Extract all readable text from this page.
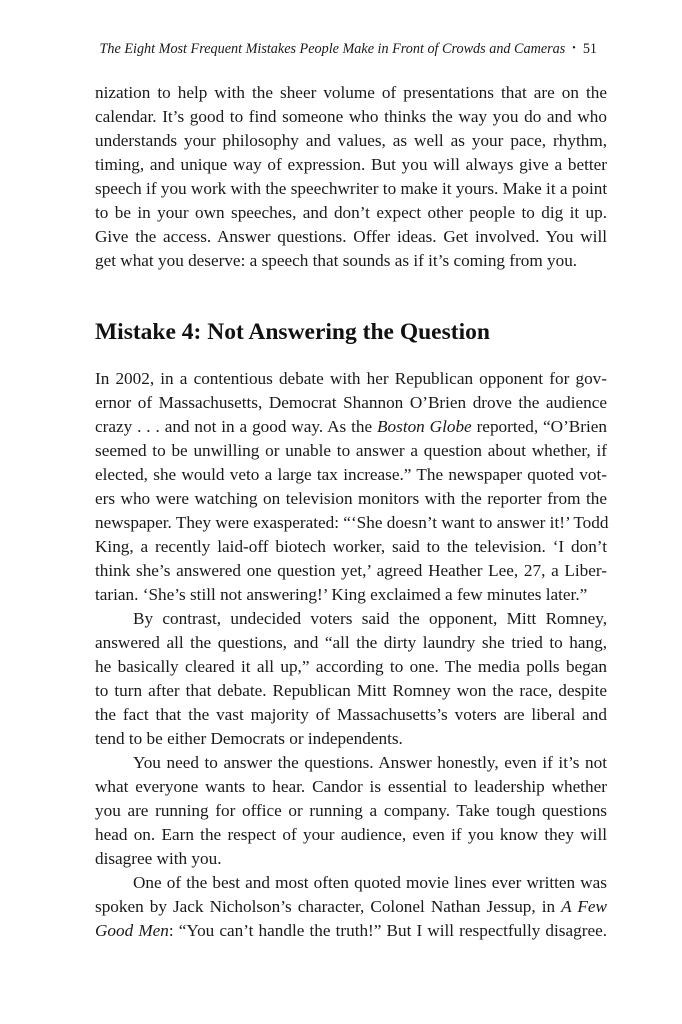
The Eight Most Frequent Mistakes People Make in Front of Crowds and Cameras • 51
nization to help with the sheer volume of presentations that are on the
calendar. It’s good to find someone who thinks the way you do and who
understands your philosophy and values, as well as your pace, rhythm,
timing, and unique way of expression. But you will always give a better
speech if you work with the speechwriter to make it yours. Make it a point
to be in your own speeches, and don’t expect other people to dig it up.
Give the access. Answer questions. Offer ideas. Get involved. You will
get what you deserve: a speech that sounds as if it’s coming from you.
Mistake 4: Not Answering the Question
In 2002, in a contentious debate with her Republican opponent for gov-
ernor of Massachusetts, Democrat Shannon O’Brien drove the audience
crazy . . . and not in a good way. As the Boston Globe reported, “O’Brien
seemed to be unwilling or unable to answer a question about whether, if
elected, she would veto a large tax increase.” The newspaper quoted vot-
ers who were watching on television monitors with the reporter from the
newspaper. They were exasperated: “‘She doesn’t want to answer it!’ Todd
King, a recently laid-off biotech worker, said to the television. ‘I don’t
think she’s answered one question yet,’ agreed Heather Lee, 27, a Liber-
tarian. ‘She’s still not answering!’ King exclaimed a few minutes later.”
By contrast, undecided voters said the opponent, Mitt Romney,
answered all the questions, and “all the dirty laundry she tried to hang,
he basically cleared it all up,” according to one. The media polls began
to turn after that debate. Republican Mitt Romney won the race, despite
the fact that the vast majority of Massachusetts’s voters are liberal and
tend to be either Democrats or independents.
You need to answer the questions. Answer honestly, even if it’s not
what everyone wants to hear. Candor is essential to leadership whether
you are running for office or running a company. Take tough questions
head on. Earn the respect of your audience, even if you know they will
disagree with you.
One of the best and most often quoted movie lines ever written was
spoken by Jack Nicholson’s character, Colonel Nathan Jessup, in A Few
Good Men: “You can’t handle the truth!” But I will respectfully disagree.
